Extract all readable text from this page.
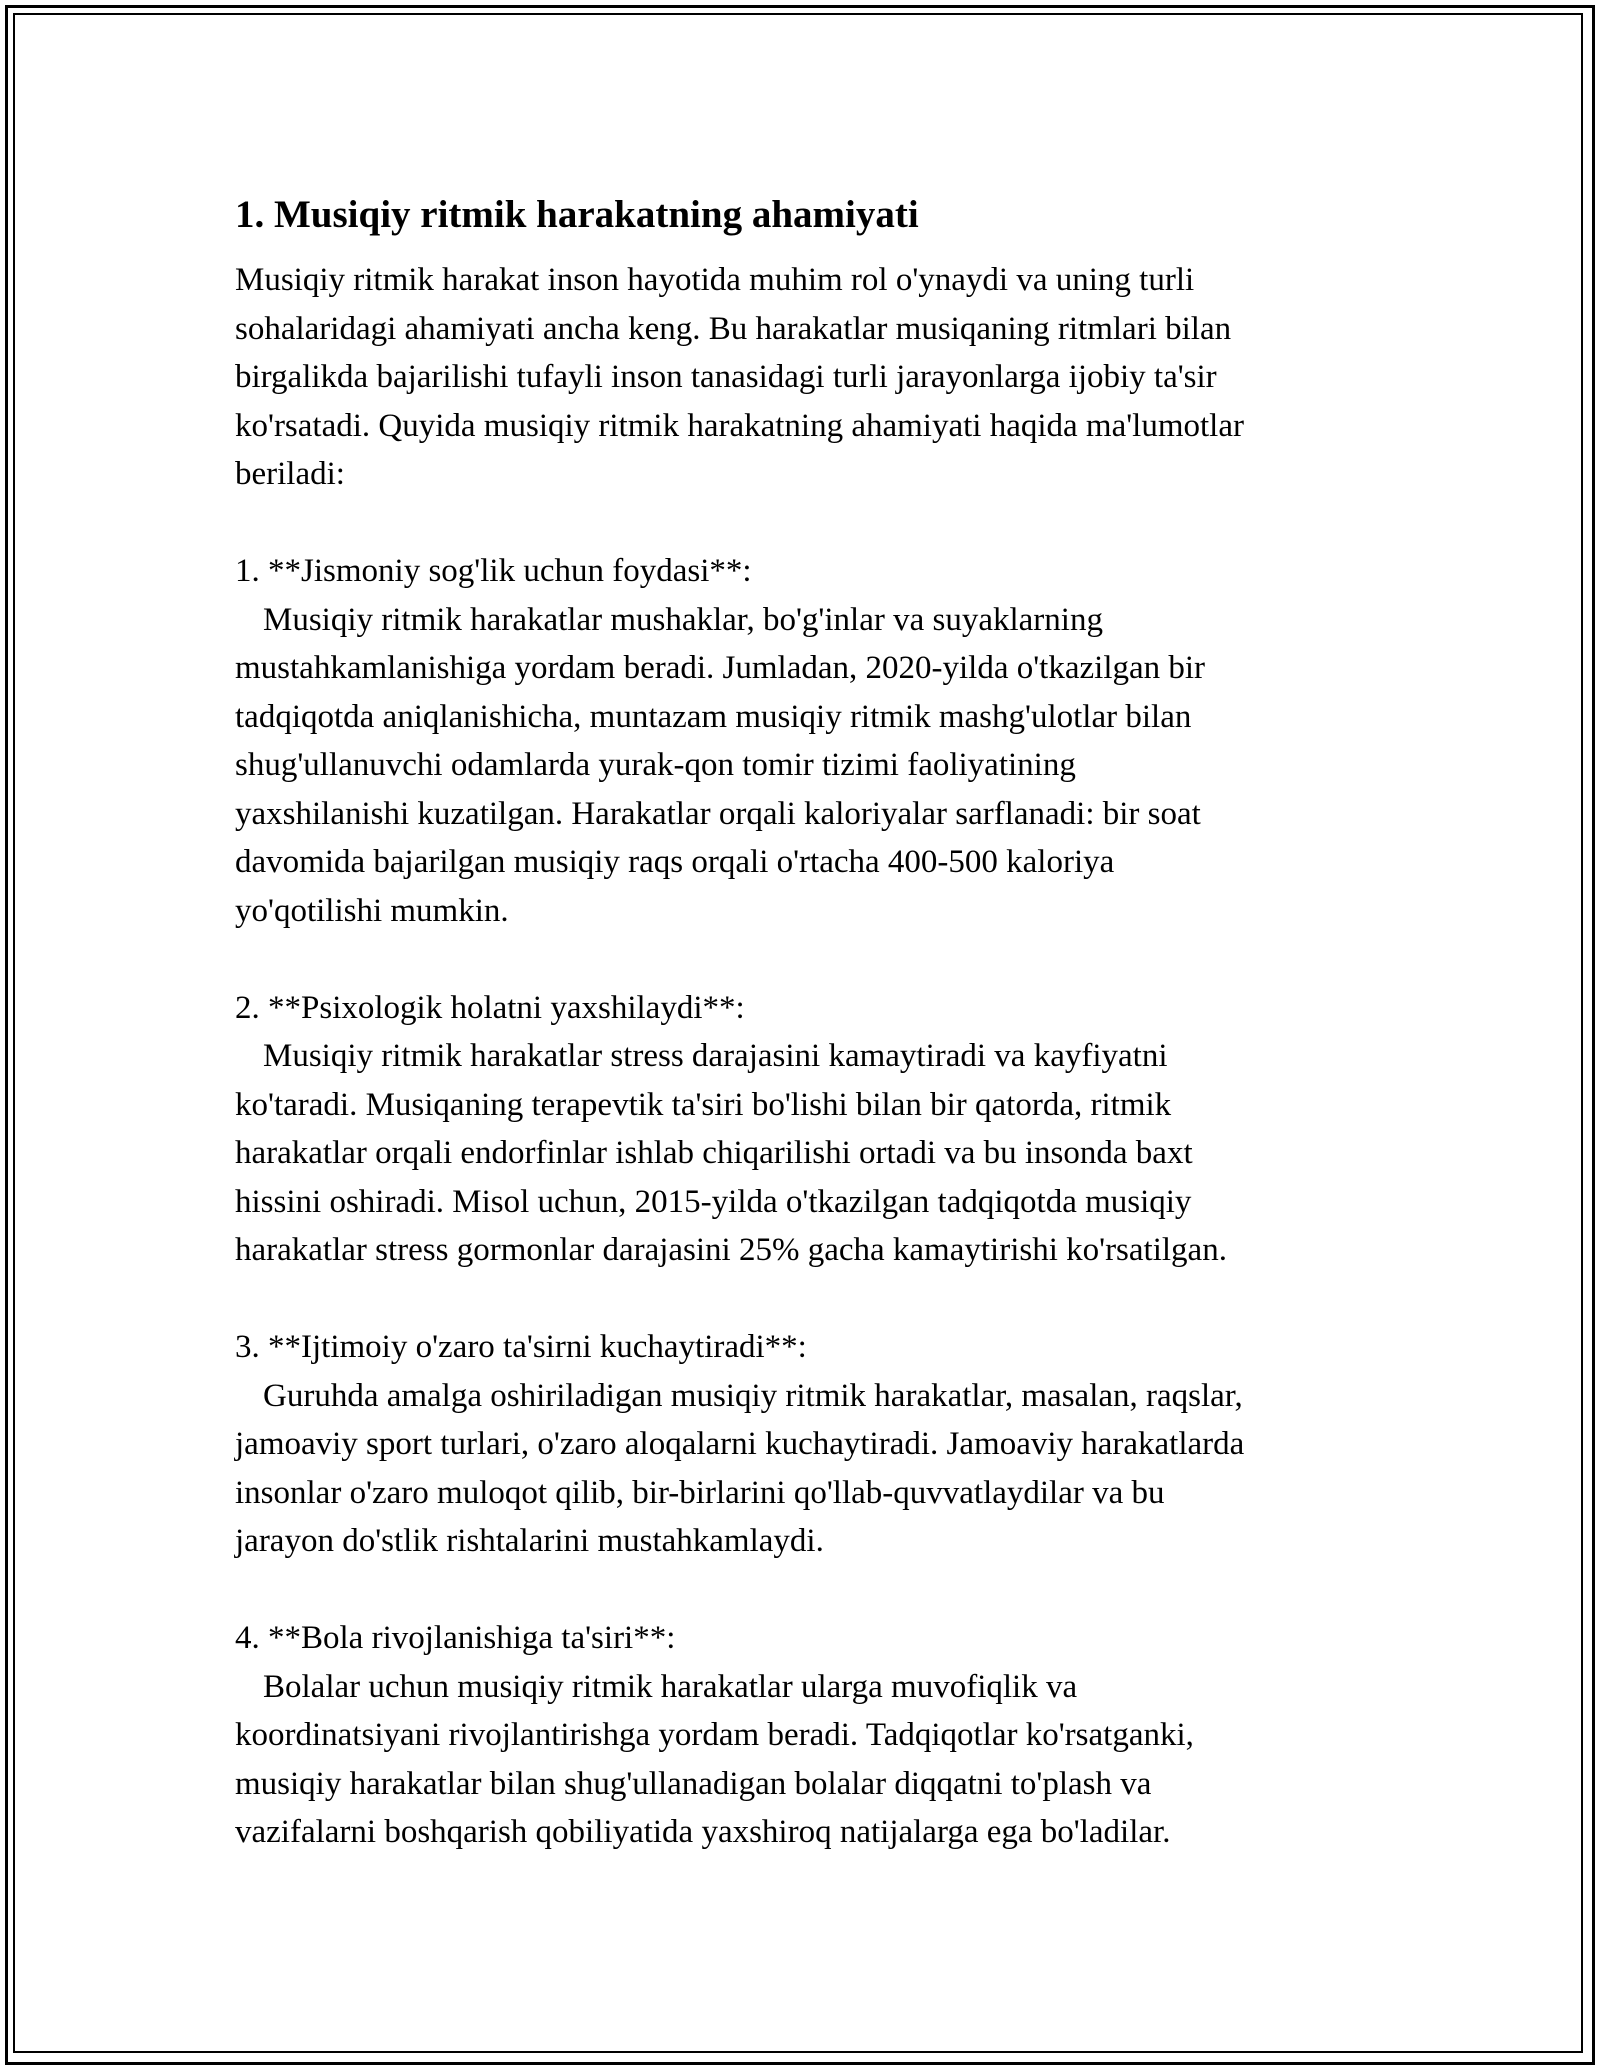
1. Musiqiy ritmik harakatning ahamiyati
Musiqiy ritmik harakat inson hayotida muhim rol o'ynaydi va uning turli
sohalaridagi ahamiyati ancha keng. Bu harakatlar musiqaning ritmlari bilan
birgalikda bajarilishi tufayli inson tanasidagi turli jarayonlarga ijobiy ta'sir
ko'rsatadi. Quyida musiqiy ritmik harakatning ahamiyati haqida ma'lumotlar
beriladi:
1. **Jismoniy sog'lik uchun foydasi**:
Musiqiy ritmik harakatlar mushaklar, bo'g'inlar va suyaklarning
mustahkamlanishiga yordam beradi. Jumladan, 2020-yilda o'tkazilgan bir
tadqiqotda aniqlanishicha, muntazam musiqiy ritmik mashg'ulotlar bilan
shug'ullanuvchi odamlarda yurak-qon tomir tizimi faoliyatining
yaxshilanishi kuzatilgan. Harakatlar orqali kaloriyalar sarflanadi: bir soat
davomida bajarilgan musiqiy raqs orqali o'rtacha 400-500 kaloriya
yo'qotilishi mumkin.
2. **Psixologik holatni yaxshilaydi**:
Musiqiy ritmik harakatlar stress darajasini kamaytiradi va kayfiyatni
ko'taradi. Musiqaning terapevtik ta'siri bo'lishi bilan bir qatorda, ritmik
harakatlar orqali endorfinlar ishlab chiqarilishi ortadi va bu insonda baxt
hissini oshiradi. Misol uchun, 2015-yilda o'tkazilgan tadqiqotda musiqiy
harakatlar stress gormonlar darajasini 25% gacha kamaytirishi ko'rsatilgan.
3. **Ijtimoiy o'zaro ta'sirni kuchaytiradi**:
Guruhda amalga oshiriladigan musiqiy ritmik harakatlar, masalan, raqslar,
jamoaviy sport turlari, o'zaro aloqalarni kuchaytiradi. Jamoaviy harakatlarda
insonlar o'zaro muloqot qilib, bir-birlarini qo'llab-quvvatlaydilar va bu
jarayon do'stlik rishtalarini mustahkamlaydi.
4. **Bola rivojlanishiga ta'siri**:
Bolalar uchun musiqiy ritmik harakatlar ularga muvofiqlik va
koordinatsiyani rivojlantirishga yordam beradi. Tadqiqotlar ko'rsatganki,
musiqiy harakatlar bilan shug'ullanadigan bolalar diqqatni to'plash va
vazifalarni boshqarish qobiliyatida yaxshiroq natijalarga ega bo'ladilar.
